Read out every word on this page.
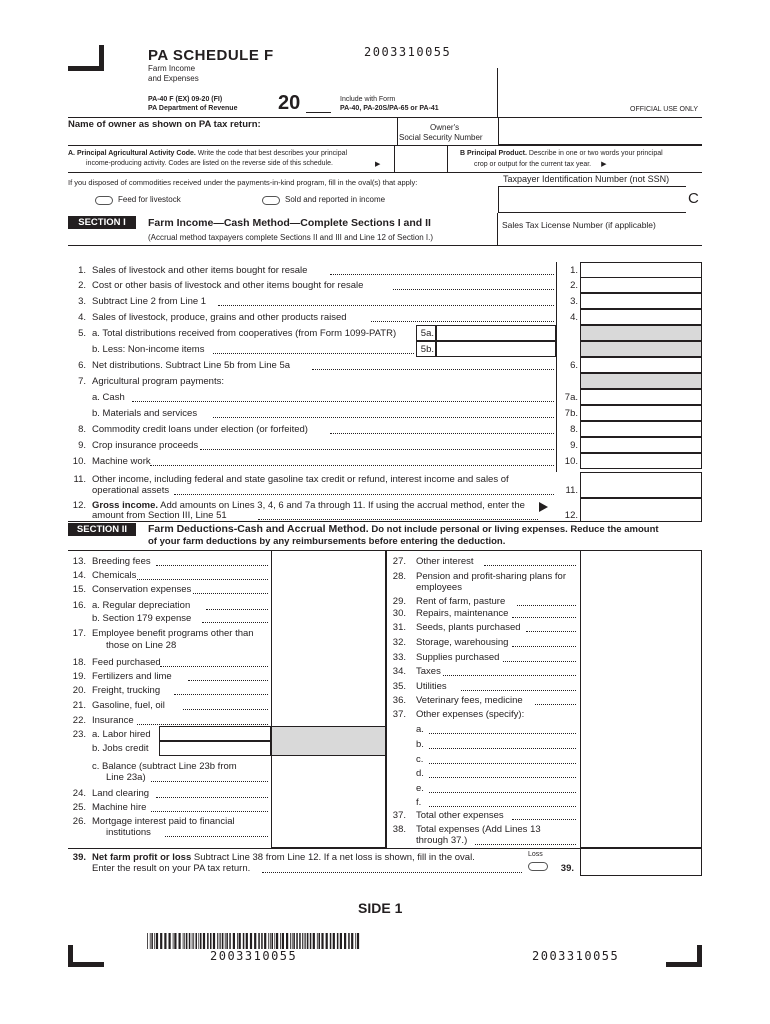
PA SCHEDULE F	2003310055
Farm Income
and Expenses
PA-40 F (EX) 09-20 (FI)
PA Department of Revenue 20	Include with Form
PA-40, PA-20S/PA-65 or PA-41	OFFICIAL USE ONLY
Name of owner as shown on PA tax return:	Owner's
Social Security Number
A. Principal Agricultural Activity Code. Write the code that best describes your principal
income-producing activity. Codes are listed on the reverse side of this schedule.	▶
B Principal Product. Describe in one or two words your principal
crop or output for the current tax year. ▶
If you disposed of commodities received under the payments-in-kind program, fill in the oval(s) that apply:
Feed for livestock	Sold and reported in income
Taxpayer Identification Number (not SSN)
C
Sales Tax License Number (if applicable)
SECTION I	Farm Income—Cash Method—Complete Sections I and II
(Accrual method taxpayers complete Sections II and III and Line 12 of Section I.)
1. Sales of livestock and other items bought for resale	1.
2. Cost or other basis of livestock and other items bought for resale	2.
3. Subtract Line 2 from Line 1	3.
4. Sales of livestock, produce, grains and other products raised	4.
5. a. Total distributions received from cooperatives (from Form 1099-PATR)	5a.
b. Less: Non-income items	5b.
6. Net distributions. Subtract Line 5b from Line 5a	6.
7. Agricultural program payments:
a. Cash	7a.
b. Materials and services	7b.
8. Commodity credit loans under election (or forfeited)	8.
9. Crop insurance proceeds	9.
10. Machine work	10.
11. Other income, including federal and state gasoline tax credit or refund, interest income and sales of
operational assets	11.
12. Gross income. Add amounts on Lines 3, 4, 6 and 7a through 11. If using the accrual method, enter the
amount from Section III, Line 51	12.
SECTION II	Farm Deductions-Cash and Accrual Method. Do not include personal or living expenses. Reduce the amount
of your farm deductions by any reimbursements before entering the deduction.
13. Breeding fees
14. Chemicals
15. Conservation expenses
16. a. Regular depreciation
b. Section 179 expense
17. Employee benefit programs other than
those on Line 28
18. Feed purchased
19. Fertilizers and lime
20. Freight, trucking
21. Gasoline, fuel, oil
22. Insurance
23. a. Labor hired
b. Jobs credit
c. Balance (subtract Line 23b from
Line 23a)
24. Land clearing
25. Machine hire
26. Mortgage interest paid to financial
institutions
27. Other interest
28. Pension and profit-sharing plans for
employees
29. Rent of farm, pasture
30. Repairs, maintenance
31. Seeds, plants purchased
32. Storage, warehousing
33. Supplies purchased
34. Taxes
35. Utilities
36. Veterinary fees, medicine
37. Other expenses (specify):
a.
b.
c.
d.
e.
f.
37. Total other expenses
38. Total expenses (Add Lines 13
through 37.)
39. Net farm profit or loss Subtract Line 38 from Line 12. If a net loss is shown, fill in the oval.
Enter the result on your PA tax return.
Loss
39.
SIDE 1
2003310055	2003310055
